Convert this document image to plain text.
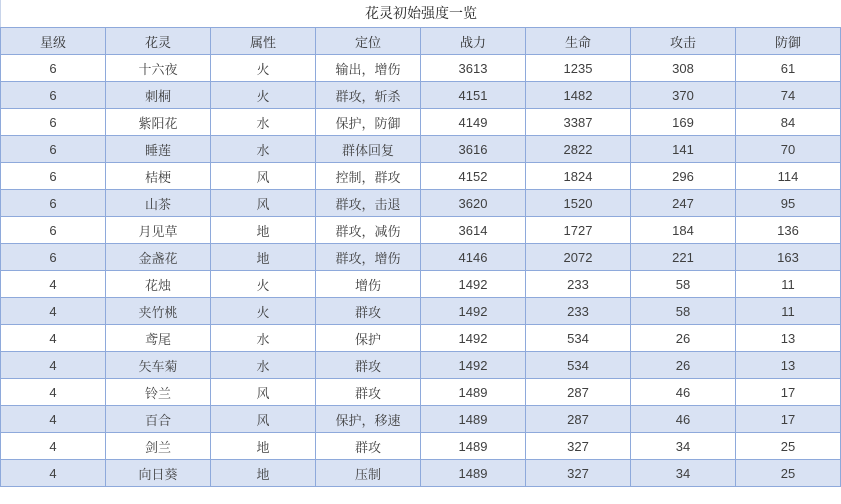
花灵初始强度一览
星级	花灵	属性	定位	战力	生命	攻击	防御
6	十六夜	火	输出，增伤	3613	1235	308	61
6	刺桐	火	群攻，斩杀	4151	1482	370	74
6	紫阳花	水	保护，防御	4149	3387	169	84
6	睡莲	水	群体回复	3616	2822	141	70
6	桔梗	风	控制，群攻	4152	1824	296	114
6	山茶	风	群攻，击退	3620	1520	247	95
6	月见草	地	群攻，减伤	3614	1727	184	136
6	金盏花	地	群攻，增伤	4146	2072	221	163
4	花烛	火	增伤	1492	233	58	11
4	夹竹桃	火	群攻	1492	233	58	11
4	鸢尾	水	保护	1492	534	26	13
4	矢车菊	水	群攻	1492	534	26	13
4	铃兰	风	群攻	1489	287	46	17
4	百合	风	保护，移速	1489	287	46	17
4	剑兰	地	群攻	1489	327	34	25
4	向日葵	地	压制	1489	327	34	25
